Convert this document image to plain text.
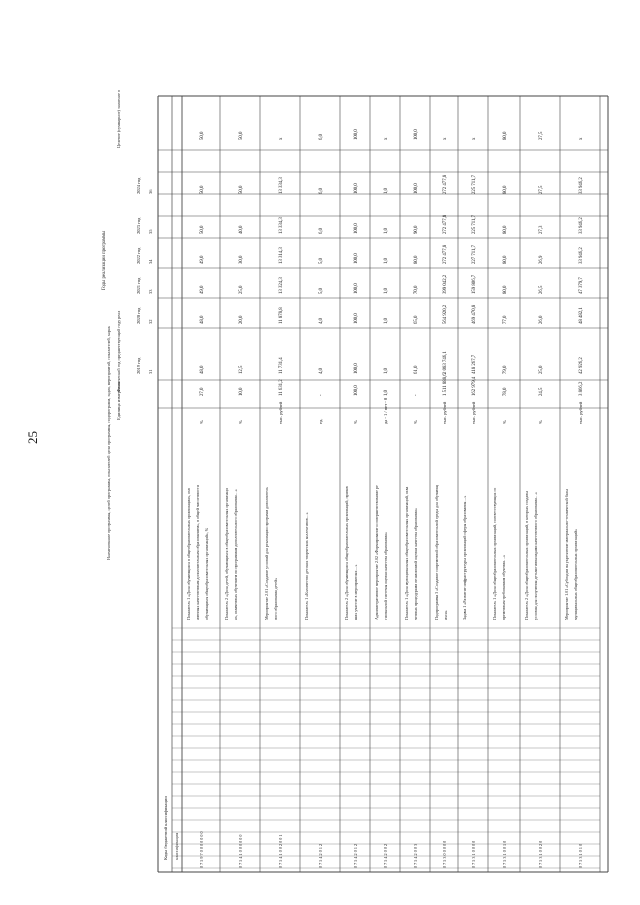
25
Коды бюджетной классификации классификация
Наименование программы, целей программы, показателей цели программы, подпрограмм, задач, мероприятий, показателей, харак Единица измерения
Фактический год предшествующий году реал
Годы реализации программы
Целевое (суммарное) значение п
2019 год 31
2020 год 32
2021 год 33
2022 год 34
2023 год 35
2024 год 36
Показатель 1 «Доля обучающихся в общеобразовательных организациях, охв аченных качественным дополнительным образованием», в общей численности обучающихся общеобразовательных организаций», %
%
27,0
48,0
48,0
49,0
49,0
50,0
50,0
50,0
0 7 5 9 7 0 0 0 0 0 0 0
Показатель 2 «Доля детей, обучающихся в общеобразовательных организаци ях, охваченных обучением по программам дополнительного образования…»
%
10,0
12,5
20,0
25,0
30,0
40,0
50,0
50,0
0 7 5 4 1 0 0 0 0 0 0
Мероприятие 2.01 «Создание условий для реализации программ дополнитель ного образования детей»
тыс. рублей
11 631,2
11 731,4
11 878,8
13 324,3
13 314,3
13 334,3
13 334,3
х
0 7 5 4 1 0 0 2 0 0 1
Показатель 1 «Количество детских творческих коллективов…»
ед.
-
4,0
4,0
5,0
5,0
6,0
6,0
6,0
0 7 5 4 2 0 1 2
Показатель 2 «Доля обучающихся общеобразовательных организаций, приняв ших участие в мероприятиях…»
%
100,0
100,0
100,0
100,0
100,0
100,0
100,0
100,0
0 7 5 4 2 0 1 2
Административное мероприятие 2.02 «Формирование и совершенствование ре гиональной системы оценки качества образования»
да - 1 / нет - 0
1,0
1,0
1,0
1,0
1,0
1,0
1,0
х
0 7 5 4 2 0 0 2
Показатель 1 «Доля муниципальных общеобразовательных организаций, охва ченных процедурами независимой оценки качества образования»
%
-
61,0
65,0
70,0
80,0
90,0
100,0
100,0
0 7 5 4 2 0 0 3
Подпрограмма 3 «Создание современной образовательной среды для обучающ ихся»
тыс. рублей
1 511 888,6
2 083 746,1
564 920,2
399 042,2
272 477,8
272 477,8
272 477,8
х
0 7 5 3 0 0 0 0 0
Задача 1 «Развитие инфраструктуры организаций сферы образования…»
тыс. рублей
162 979,4
418 267,7
469 470,8
159 806,7
227 711,7
225 711,7
225 711,7
х
0 7 5 3 1 0 0 0 0
Показатель 1 «Доля общеобразовательных организаций, соответствующих со временным требованиям обучения…»
%
78,0
79,0
77,0
80,0
80,0
80,0
80,0
80,0
0 7 5 3 1 0 0 1 0
Показатель 2 «Доля общеобразовательных организаций, в которых созданы условия для получения детьми-инвалидами качественного образования…»
%
24,5
25,0
26,0
26,5
26,9
27,3
27,5
27,5
0 7 5 3 1 0 0 2 0
Мероприятие 1.01 «Субсидии на укрепление материально-технической базы муниципальных общеобразовательных организаций»
тыс. рублей
3 866,2
42 926,2
48 482,1
47 379,7
33 946,2
33 946,2
33 946,2
х
0 7 5 3 1 0 1 0
